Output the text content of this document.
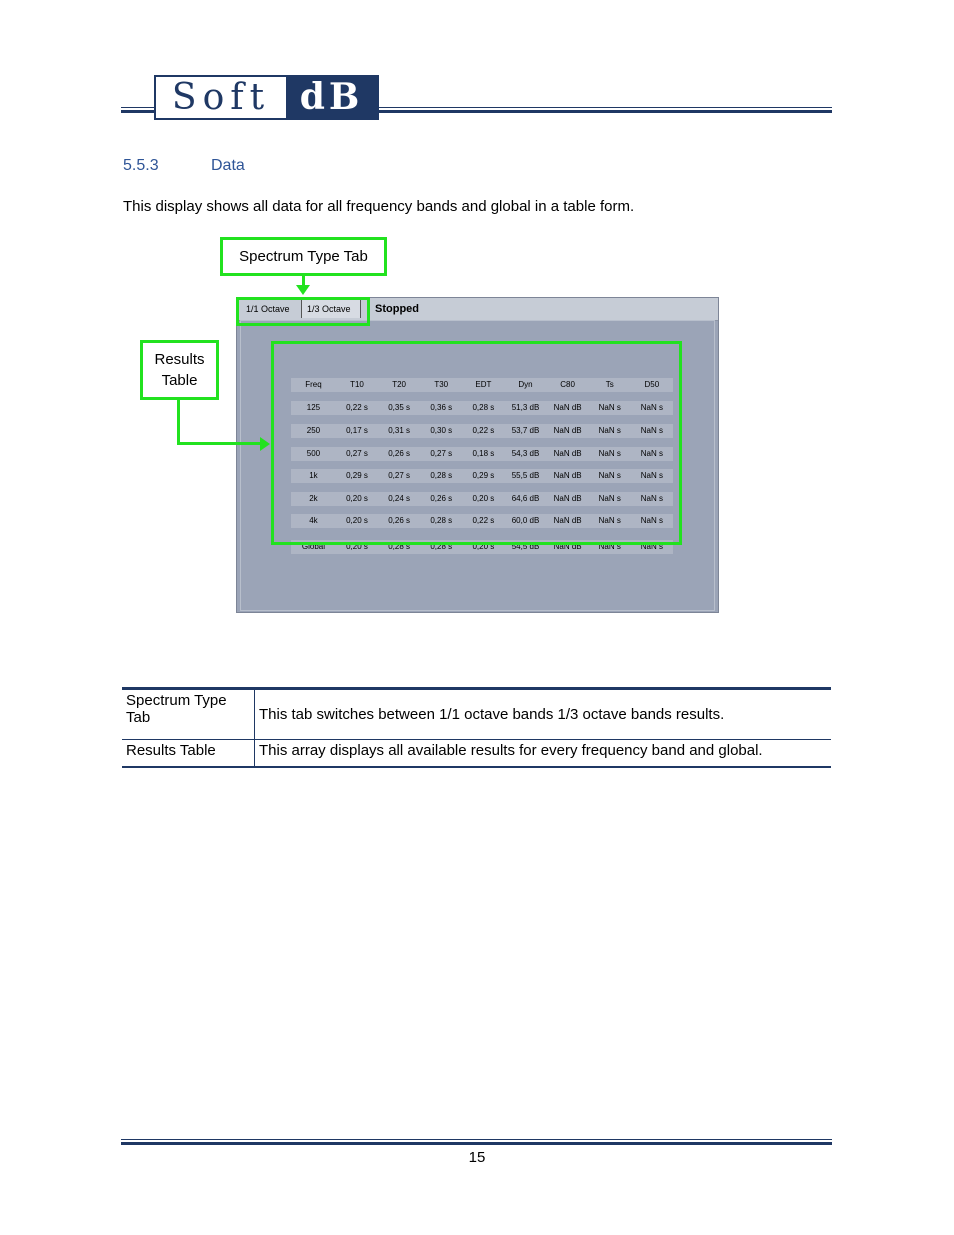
Soft dB
5.5.3	Data
This display shows all data for all frequency bands and global in a table form.
1/1 Octave	1/3 Octave	Stopped
Freq	T10	T20	T30	EDT	Dyn	C80	Ts	D50
125	0,22 s	0,35 s	0,36 s	0,28 s	51,3 dB	NaN dB	NaN s	NaN s
250	0,17 s	0,31 s	0,30 s	0,22 s	53,7 dB	NaN dB	NaN s	NaN s
500	0,27 s	0,26 s	0,27 s	0,18 s	54,3 dB	NaN dB	NaN s	NaN s
1k	0,29 s	0,27 s	0,28 s	0,29 s	55,5 dB	NaN dB	NaN s	NaN s
2k	0,20 s	0,24 s	0,26 s	0,20 s	64,6 dB	NaN dB	NaN s	NaN s
4k	0,20 s	0,26 s	0,28 s	0,22 s	60,0 dB	NaN dB	NaN s	NaN s
Global	0,20 s	0,28 s	0,28 s	0,20 s	54,5 dB	NaN dB	NaN s	NaN s
Spectrum Type Tab
Results
Table
Spectrum Type Tab	This tab switches between 1/1 octave bands 1/3 octave bands results.
Results Table	This array displays all available results for every frequency band and global.
15
